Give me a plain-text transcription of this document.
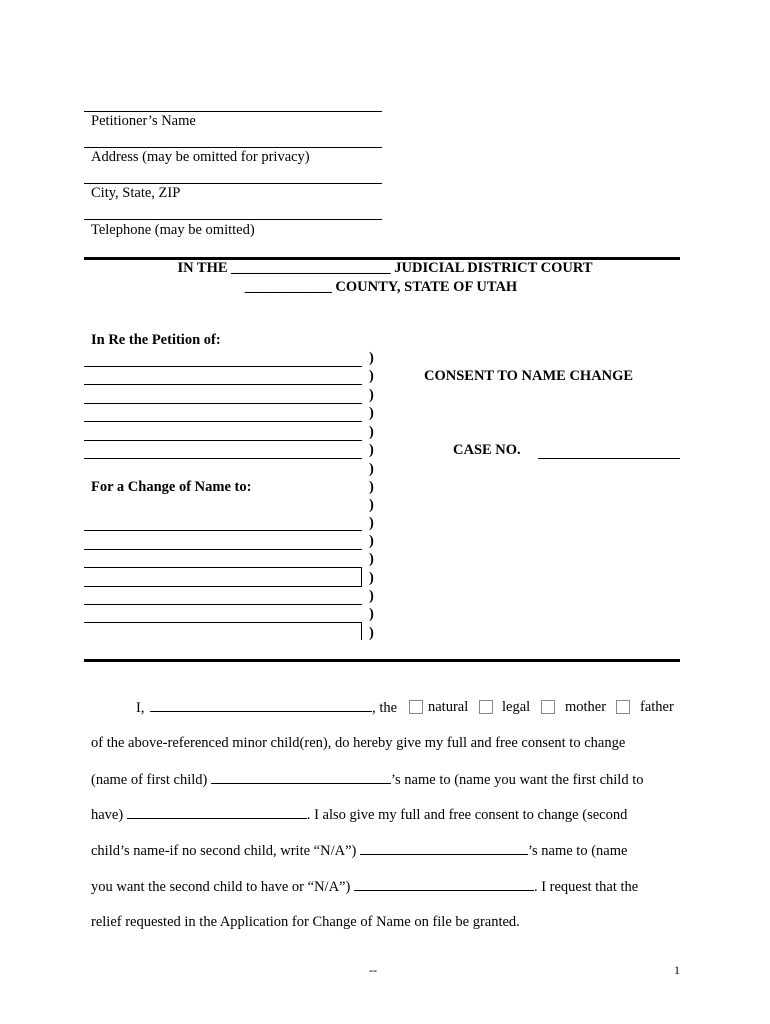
Petitioner’s Name
Address (may be omitted for privacy)
City, State, ZIP
Telephone (may be omitted)
IN THE ______________________ JUDICIAL DISTRICT COURT
____________ COUNTY, STATE OF UTAH
In Re the Petition of:
For a Change of Name to:
)
)
)
)
)
)
)
)
)
)
)
)
)
)
)
)
CONSENT TO NAME CHANGE
CASE NO.
I,	, the natural legal mother father
of the above-referenced minor child(ren), do hereby give my full and free consent to change
(name of first child)	’s name to (name you want the first child to
have)	. I also give my full and free consent to change (second
child’s name-if no second child, write “N/A”)	’s name to (name
you want the second child to have or “N/A”)	. I request that the
relief requested in the Application for Change of Name on file be granted.
--	1
